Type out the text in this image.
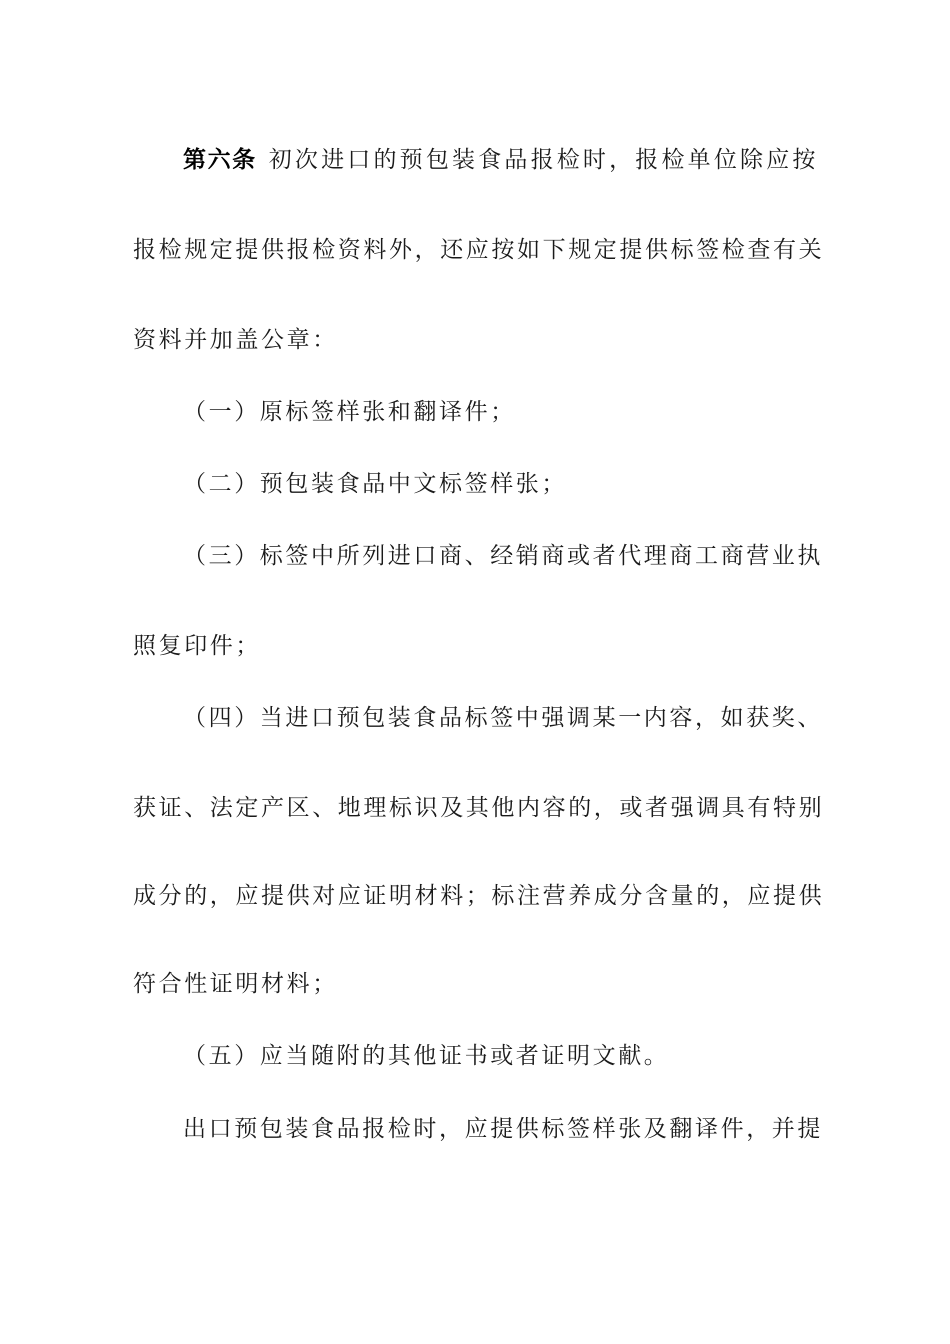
第六条 初次进口的预包装食品报检时，报检单位除应按
报检规定提供报检资料外，还应按如下规定提供标签检查有关
资料并加盖公章：
（一）原标签样张和翻译件；
（二）预包装食品中文标签样张；
（三）标签中所列进口商、经销商或者代理商工商营业执
照复印件；
（四）当进口预包装食品标签中强调某一内容，如获奖、
获证、法定产区、地理标识及其他内容的，或者强调具有特别
成分的，应提供对应证明材料；标注营养成分含量的，应提供
符合性证明材料；
（五）应当随附的其他证书或者证明文献。
出口预包装食品报检时，应提供标签样张及翻译件，并提
